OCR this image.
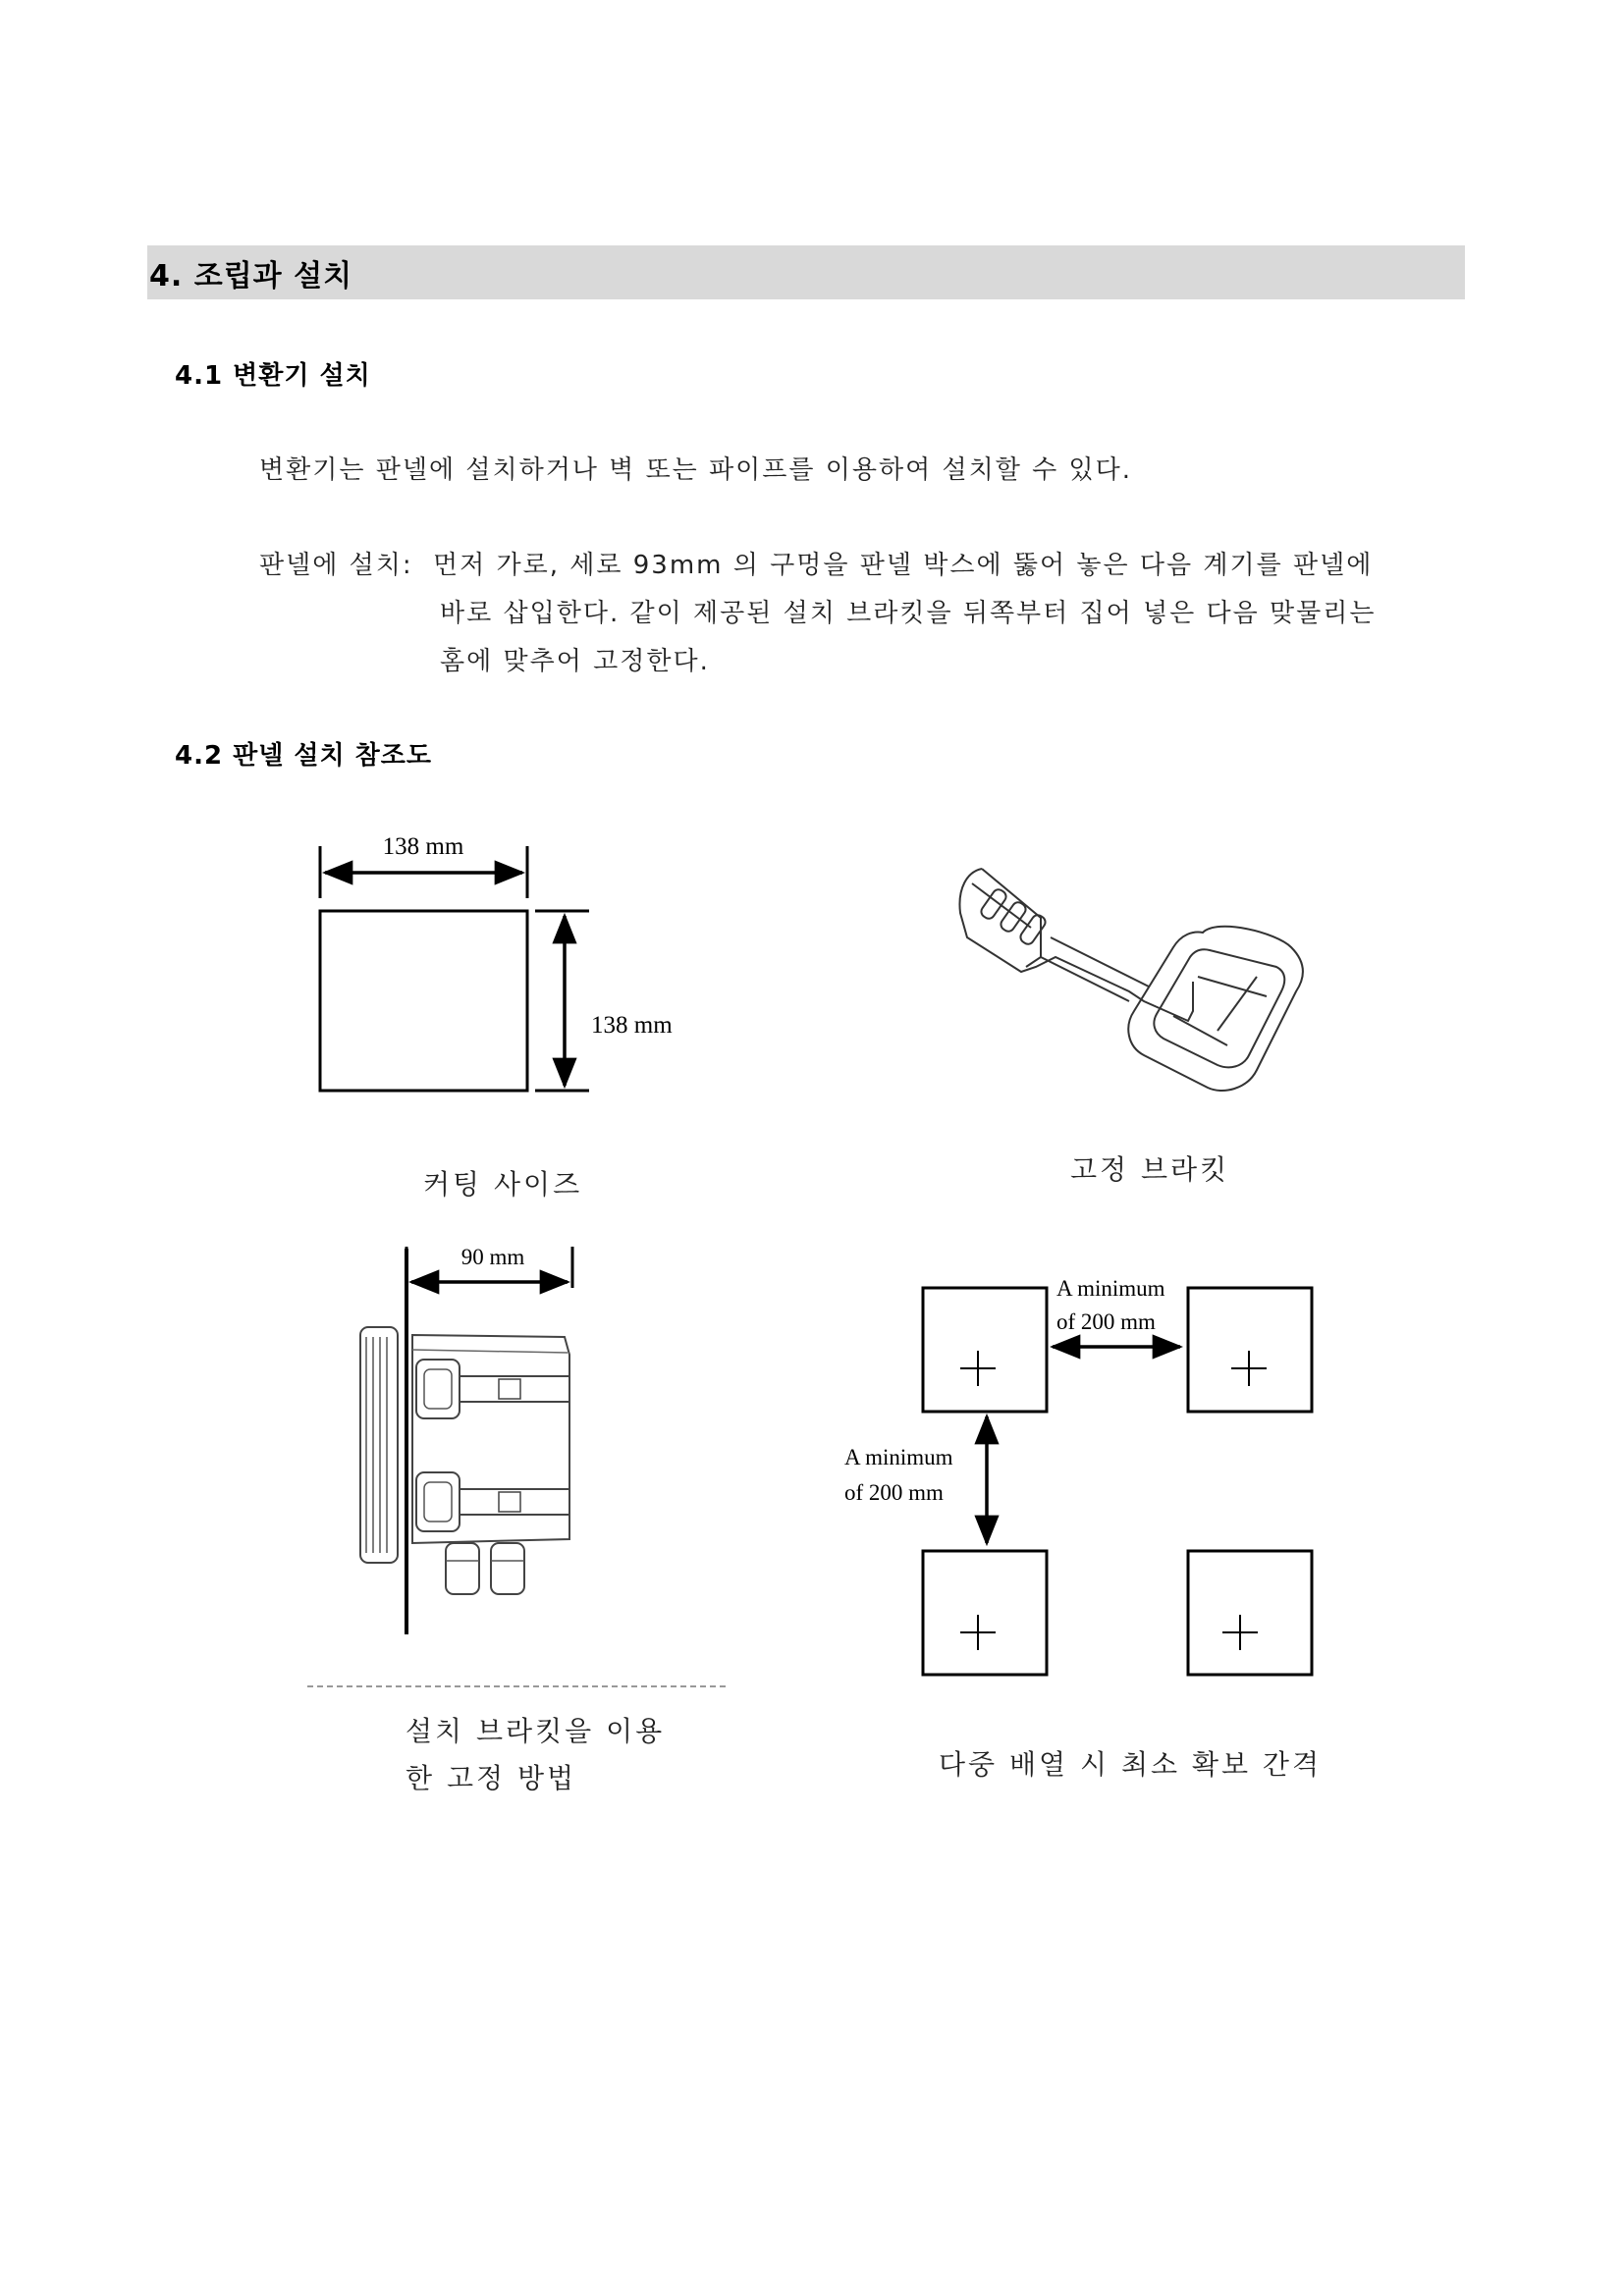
4. 조립과 설치
4.1 변환기 설치
변환기는 판넬에 설치하거나 벽 또는 파이프를 이용하여 설치할 수 있다.
판넬에 설치: 먼저 가로, 세로 93mm 의 구멍을 판넬 박스에 뚫어 놓은 다음 계기를 판넬에
바로 삽입한다. 같이 제공된 설치 브라킷을 뒤쪽부터 집어 넣은 다음 맞물리는
홈에 맞추어 고정한다.
4.2 판넬 설치 참조도
138 mm
138 mm
90 mm
A minimum
of 200 mm
A minimum
of 200 mm
커팅 사이즈	고정 브라킷
설치 브라킷을 이용
한 고정 방법	다중 배열 시 최소 확보 간격
